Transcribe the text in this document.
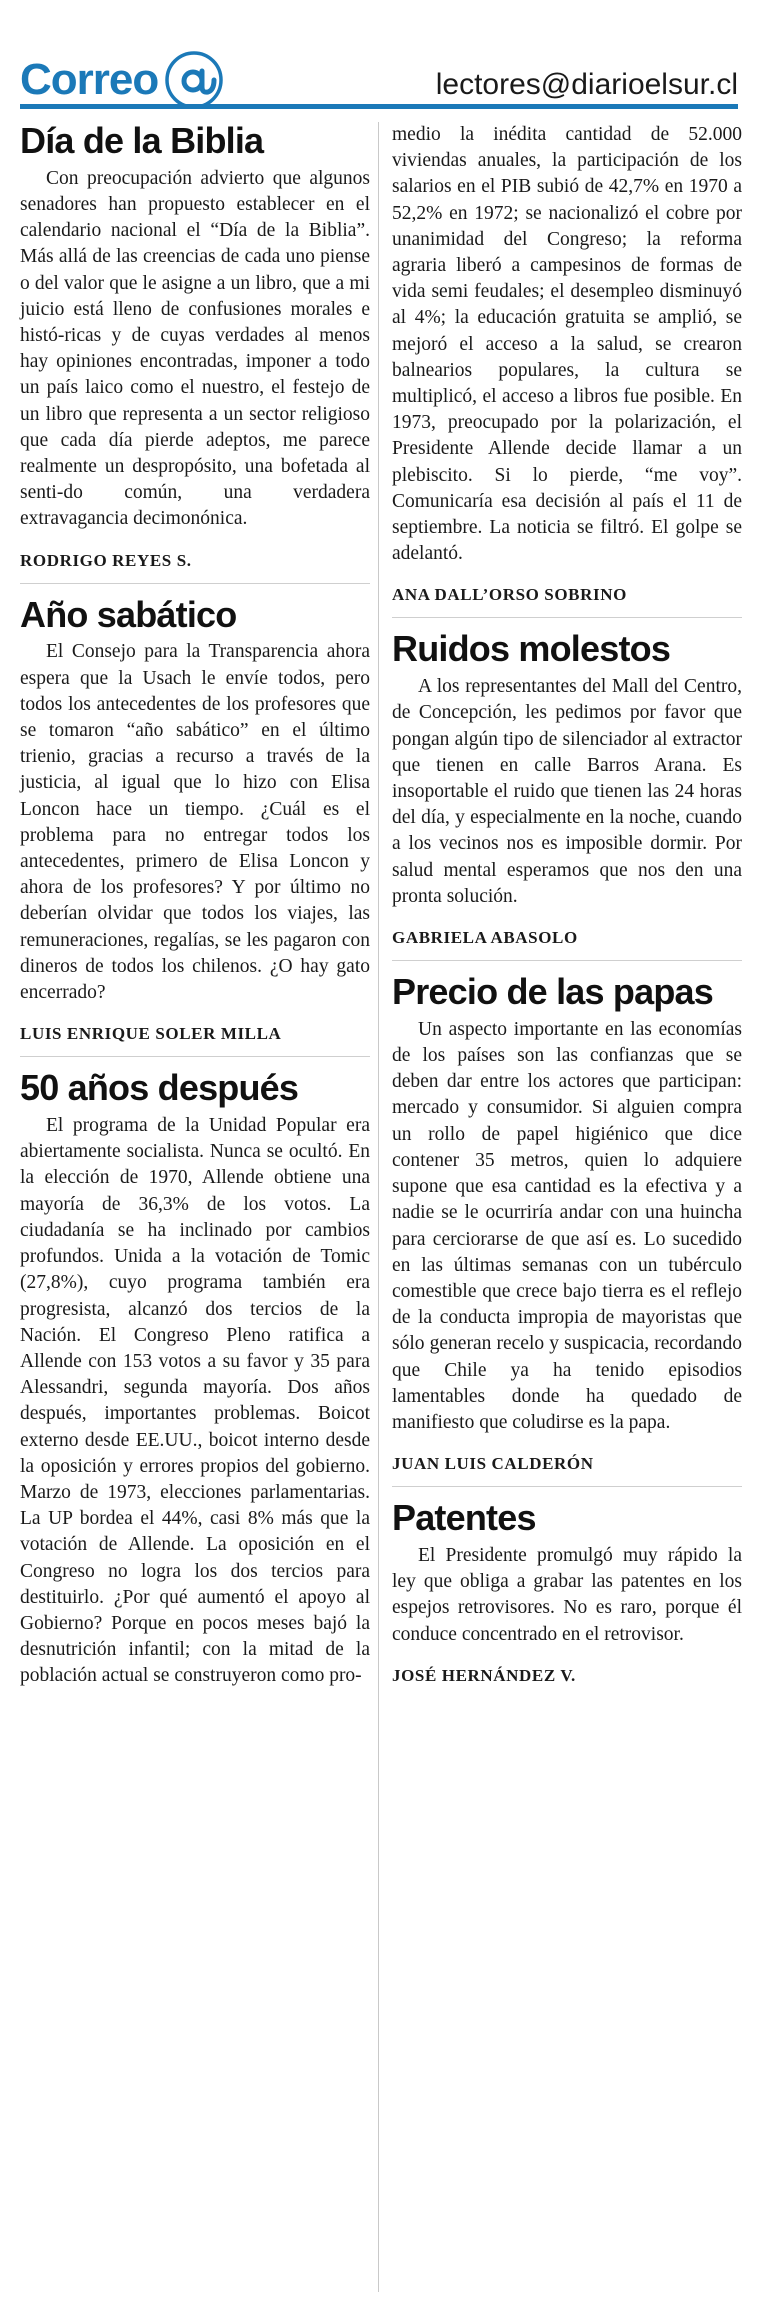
Correo	lectores@diarioelsur.cl
Día de la Biblia

Con preocupación advierto que algunos senadores han propuesto establecer en el calendario nacional el “Día de la Biblia”. Más allá de las creencias de cada uno piense o del valor que le asigne a un libro, que a mi juicio está lleno de confusiones morales e histó-ricas y de cuyas verdades al menos hay opiniones encontradas, imponer a todo un país laico como el nuestro, el festejo de un libro que representa a un sector religioso que cada día pierde adeptos, me parece realmente un despropósito, una bofetada al senti-do común, una verdadera extravagancia decimonónica.

RODRIGO REYES S.
Año sabático

El Consejo para la Transparencia ahora espera que la Usach le envíe todos, pero todos los antecedentes de los profesores que se tomaron “año sabático” en el último trienio, gracias a recurso a través de la justicia, al igual que lo hizo con Elisa Loncon hace un tiempo. ¿Cuál es el problema para no entregar todos los antecedentes, primero de Elisa Loncon y ahora de los profesores? Y por último no deberían olvidar que todos los viajes, las remuneraciones, regalías, se les pagaron con dineros de todos los chilenos. ¿O hay gato encerrado?

LUIS ENRIQUE SOLER MILLA
50 años después

El programa de la Unidad Popular era abiertamente socialista. Nunca se ocultó. En la elección de 1970, Allende obtiene una mayoría de 36,3% de los votos. La ciudadanía se ha inclinado por cambios profundos. Unida a la votación de Tomic (27,8%), cuyo programa también era progresista, alcanzó dos tercios de la Nación. El Congreso Pleno ratifica a Allende con 153 votos a su favor y 35 para Alessandri, segunda mayoría. Dos años después, importantes problemas. Boicot externo desde EE.UU., boicot interno desde la oposición y errores propios del gobierno. Marzo de 1973, elecciones parlamentarias. La UP bordea el 44%, casi 8% más que la votación de Allende. La oposición en el Congreso no logra los dos tercios para destituirlo. ¿Por qué aumentó el apoyo al Gobierno? Porque en pocos meses bajó la desnutrición infantil; con la mitad de la población actual se construyeron como pro-

medio la inédita cantidad de 52.000 viviendas anuales, la participación de los salarios en el PIB subió de 42,7% en 1970 a 52,2% en 1972; se nacionalizó el cobre por unanimidad del Congreso; la reforma agraria liberó a campesinos de formas de vida semi feudales; el desempleo disminuyó al 4%; la educación gratuita se amplió, se mejoró el acceso a la salud, se crearon balnearios populares, la cultura se multiplicó, el acceso a libros fue posible. En 1973, preocupado por la polarización, el Presidente Allende decide llamar a un plebiscito. Si lo pierde, “me voy”. Comunicaría esa decisión al país el 11 de septiembre. La noticia se filtró. El golpe se adelantó.

ANA DALL’ORSO SOBRINO
Ruidos molestos

A los representantes del Mall del Centro, de Concepción, les pedimos por favor que pongan algún tipo de silenciador al extractor que tienen en calle Barros Arana. Es insoportable el ruido que tienen las 24 horas del día, y especialmente en la noche, cuando a los vecinos nos es imposible dormir. Por salud mental esperamos que nos den una pronta solución.

GABRIELA ABASOLO
Precio de las papas

Un aspecto importante en las economías de los países son las confianzas que se deben dar entre los actores que participan: mercado y consumidor. Si alguien compra un rollo de papel higiénico que dice contener 35 metros, quien lo adquiere supone que esa cantidad es la efectiva y a nadie se le ocurriría andar con una huincha para cerciorarse de que así es. Lo sucedido en las últimas semanas con un tubérculo comestible que crece bajo tierra es el reflejo de la conducta impropia de mayoristas que sólo generan recelo y suspicacia, recordando que Chile ya ha tenido episodios lamentables donde ha quedado de manifiesto que coludirse es la papa.

JUAN LUIS CALDERÓN
Patentes

El Presidente promulgó muy rápido la ley que obliga a grabar las patentes en los espejos retrovisores. No es raro, porque él conduce concentrado en el retrovisor.

JOSÉ HERNÁNDEZ V.
